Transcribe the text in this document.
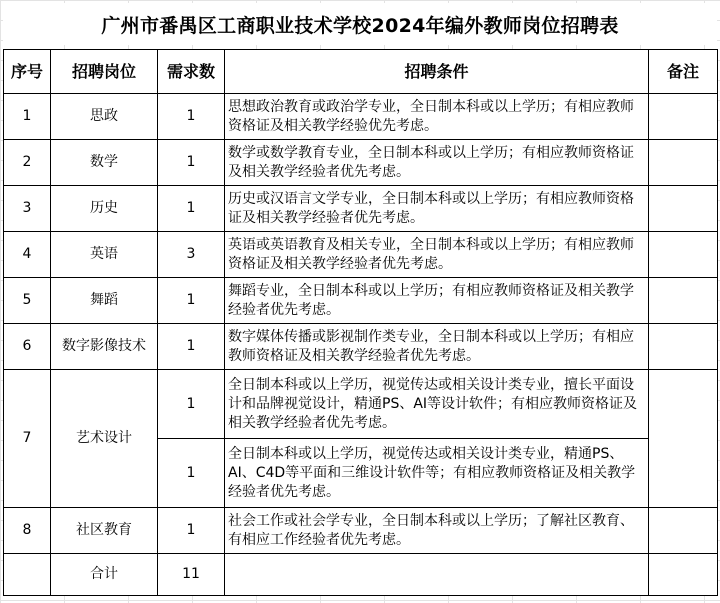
广州市番禺区工商职业技术学校2024年编外教师岗位招聘表
序号	招聘岗位	需求数	招聘条件	备注
1	思政	1	思想政治教育或政治学专业，全日制本科或以上学历；有相应教师资格证及相关教学经验优先考虑。	
2	数学	1	数学或数学教育专业，全日制本科或以上学历；有相应教师资格证及相关教学经验者优先考虑。	
3	历史	1	历史或汉语言文学专业，全日制本科或以上学历；有相应教师资格证及相关教学经验者优先考虑。	
4	英语	3	英语或英语教育及相关专业，全日制本科或以上学历；有相应教师资格证及相关教学经验者优先考虑。	
5	舞蹈	1	舞蹈专业，全日制本科或以上学历；有相应教师资格证及相关教学经验者优先考虑。	
6	数字影像技术	1	数字媒体传播或影视制作类专业，全日制本科或以上学历；有相应教师资格证及相关教学经验者优先考虑。	
7	艺术设计	1	全日制本科或以上学历，视觉传达或相关设计类专业，擅长平面设计和品牌视觉设计，精通PS、AI等设计软件；有相应教师资格证及相关教学经验者优先考虑。	
		1	全日制本科或以上学历，视觉传达或相关设计类专业，精通PS、AI、C4D等平面和三维设计软件等；有相应教师资格证及相关教学经验者优先考虑。	
8	社区教育	1	社会工作或社会学专业，全日制本科或以上学历；了解社区教育、有相应工作经验者优先考虑。	
	合计	11		
